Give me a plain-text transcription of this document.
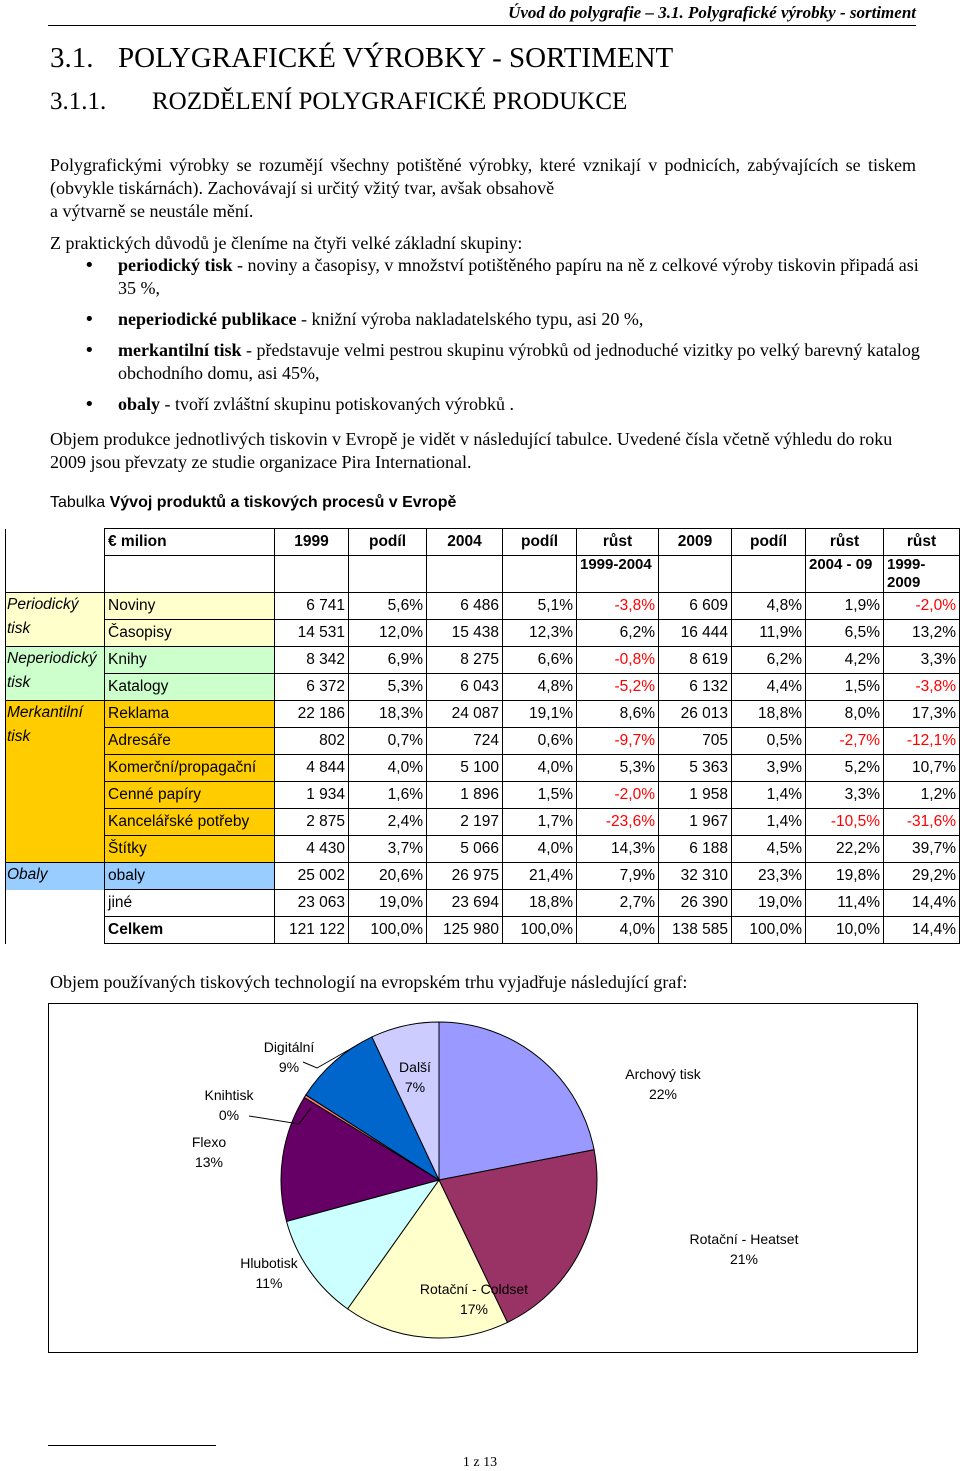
Úvod do polygrafie – 3.1. Polygrafické výrobky - sortiment
3.1. POLYGRAFICKÉ VÝROBKY - SORTIMENT
3.1.1. ROZDĚLENÍ POLYGRAFICKÉ PRODUKCE
Polygrafickými výrobky se rozumějí všechny potištěné výrobky, které vznikají v podnicích, zabývajících se tiskem (obvykle tiskárnách). Zachovávají si určitý vžitý tvar, avšak obsahově
a výtvarně se neustále mění.

Z praktických důvodů je členíme na čtyři velké základní skupiny:

• periodický tisk - noviny a časopisy, v množství potištěného papíru na ně z celkové výroby tiskovin připadá asi 35 %,
• neperiodické publikace - knižní výroba nakladatelského typu, asi 20 %,
• merkantilní tisk - představuje velmi pestrou skupinu výrobků od jednoduché vizitky po velký barevný katalog obchodního domu, asi 45%,
• obaly - tvoří zvláštní skupinu potiskovaných výrobků .

Objem produkce jednotlivých tiskovin v Evropě je vidět v následující tabulce. Uvedené čísla včetně výhledu do roku 2009 jsou převzaty ze studie organizace Pira International.

Tabulka Vývoj produktů a tiskových procesů v Evropě
	€ milion	1999	podíl	2004	podíl	růst	2009	podíl	růst	růst
						1999-2004			2004 - 09	1999-2009
Periodický tisk	Noviny	6 741	5,6%	6 486	5,1%	-3,8%	6 609	4,8%	1,9%	-2,0%
	Časopisy	14 531	12,0%	15 438	12,3%	6,2%	16 444	11,9%	6,5%	13,2%
Neperiodický tisk	Knihy	8 342	6,9%	8 275	6,6%	-0,8%	8 619	6,2%	4,2%	3,3%
	Katalogy	6 372	5,3%	6 043	4,8%	-5,2%	6 132	4,4%	1,5%	-3,8%
Merkantilní tisk	Reklama	22 186	18,3%	24 087	19,1%	8,6%	26 013	18,8%	8,0%	17,3%
	Adresáře	802	0,7%	724	0,6%	-9,7%	705	0,5%	-2,7%	-12,1%
	Komerční/propagační	4 844	4,0%	5 100	4,0%	5,3%	5 363	3,9%	5,2%	10,7%
	Cenné papíry	1 934	1,6%	1 896	1,5%	-2,0%	1 958	1,4%	3,3%	1,2%
	Kancelářské potřeby	2 875	2,4%	2 197	1,7%	-23,6%	1 967	1,4%	-10,5%	-31,6%
	Štítky	4 430	3,7%	5 066	4,0%	14,3%	6 188	4,5%	22,2%	39,7%
Obaly	obaly	25 002	20,6%	26 975	21,4%	7,9%	32 310	23,3%	19,8%	29,2%
	jiné	23 063	19,0%	23 694	18,8%	2,7%	26 390	19,0%	11,4%	14,4%
	Celkem	121 122	100,0%	125 980	100,0%	4,0%	138 585	100,0%	10,0%	14,4%

Objem používaných tiskových technologií na evropském trhu vyjadřuje následující graf:

Archový tisk
22%
Rotační - Heatset
21%
Rotační - Coldset
17%
Hlubotisk
11%
Flexo
13%
Knihtisk
0%
Digitální
9%	Další
7%
1 z 13
